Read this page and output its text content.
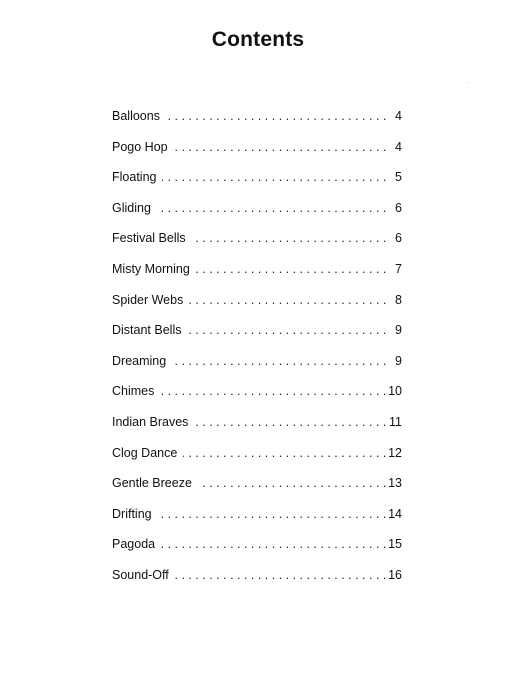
Contents
. . .
Balloons	4
. . .
Pogo Hop	4
. . .
Floating	5
. . .
Gliding	6
. . .
Festival Bells	6
. . .
Misty Morning	7
. . .
Spider Webs	8
. . .
Distant Bells	9
. . .
Dreaming	9
. . .
Chimes	10
. . .
Indian Braves	11
. . .
Clog Dance	12
. . .
Gentle Breeze	13
. . .
Drifting	14
. . .
Pagoda	15
. . .
Sound-Off	16
